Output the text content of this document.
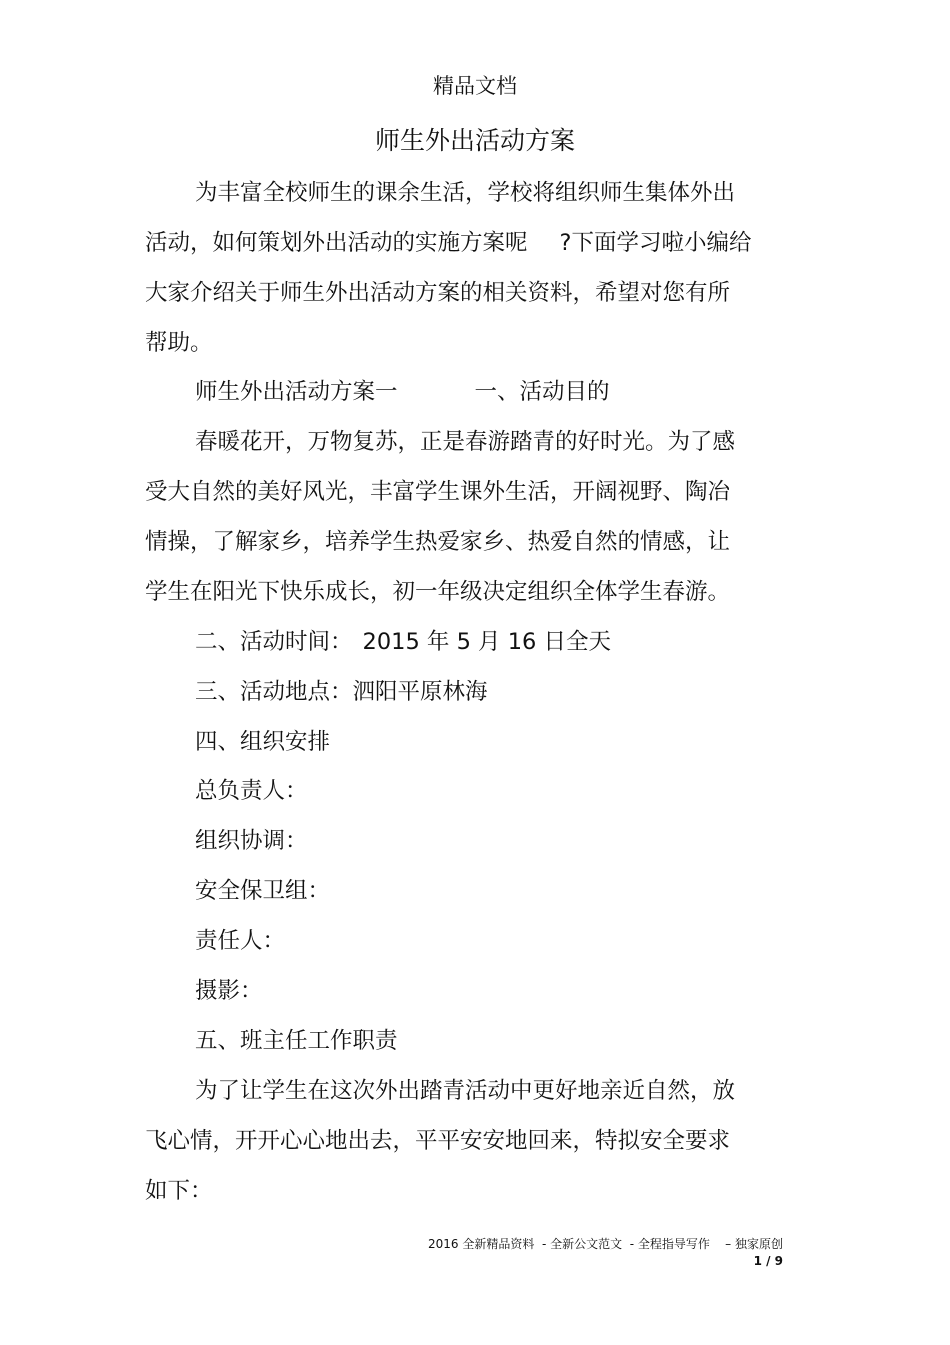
精品文档
师生外出活动方案
为丰富全校师生的课余生活，学校将组织师生集体外出
活动，如何策划外出活动的实施方案呢 ?下面学习啦小编给
大家介绍关于师生外出活动方案的相关资料，希望对您有所
帮助。
师生外出活动方案一	一、活动目的
春暖花开，万物复苏，正是春游踏青的好时光。为了感
受大自然的美好风光，丰富学生课外生活，开阔视野、陶冶
情操，了解家乡，培养学生热爱家乡、热爱自然的情感，让
学生在阳光下快乐成长，初一年级决定组织全体学生春游。
二、活动时间： 2015 年 5 月 16 日全天
三、活动地点：泗阳平原林海
四、组织安排
总负责人：
组织协调：
安全保卫组：
责任人：
摄影：
五、班主任工作职责
为了让学生在这次外出踏青活动中更好地亲近自然，放
飞心情，开开心心地出去，平平安安地回来，特拟安全要求
如下：
2016 全新精品资料  - 全新公文范文  - 全程指导写作    – 独家原创
1 / 9
